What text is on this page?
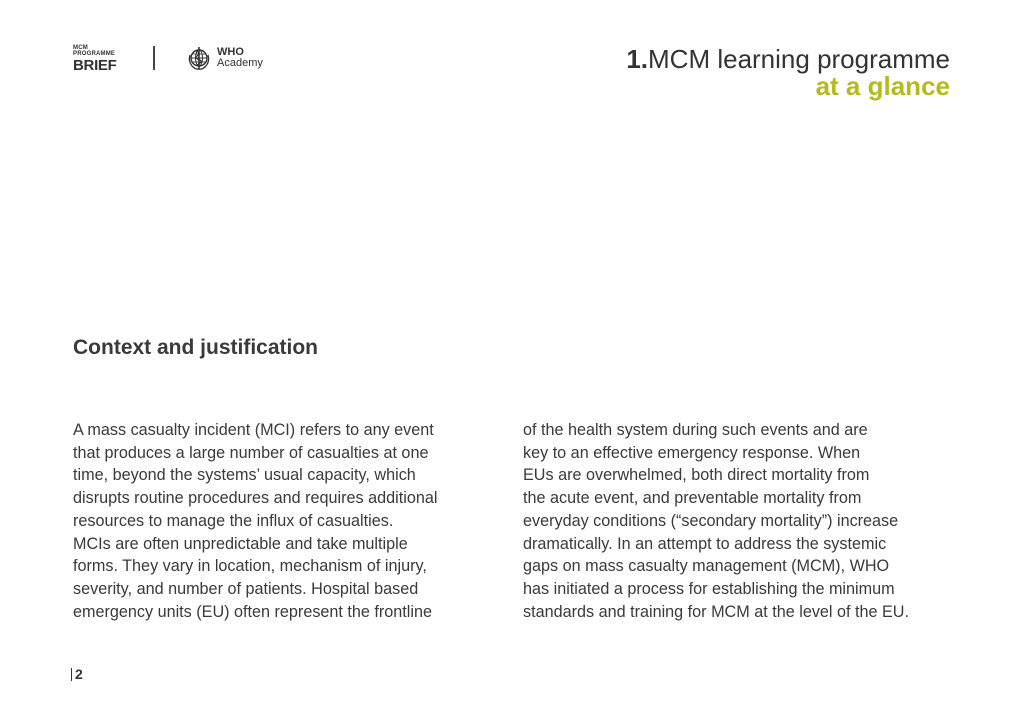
MCM
PROGRAMME
BRIEF
WHO
Academy	1.MCM learning programme
at a glance
Context and justification
A mass casualty incident (MCI) refers to any event
that produces a large number of casualties at one
time, beyond the systems’ usual capacity, which
disrupts routine procedures and requires additional
resources to manage the influx of casualties.
MCIs are often unpredictable and take multiple
forms. They vary in location, mechanism of injury,
severity, and number of patients. Hospital based
emergency units (EU) often represent the frontline
of the health system during such events and are
key to an effective emergency response. When
EUs are overwhelmed, both direct mortality from
the acute event, and preventable mortality from
everyday conditions (“secondary mortality”) increase
dramatically. In an attempt to address the systemic
gaps on mass casualty management (MCM), WHO
has initiated a process for establishing the minimum
standards and training for MCM at the level of the EU.
2
